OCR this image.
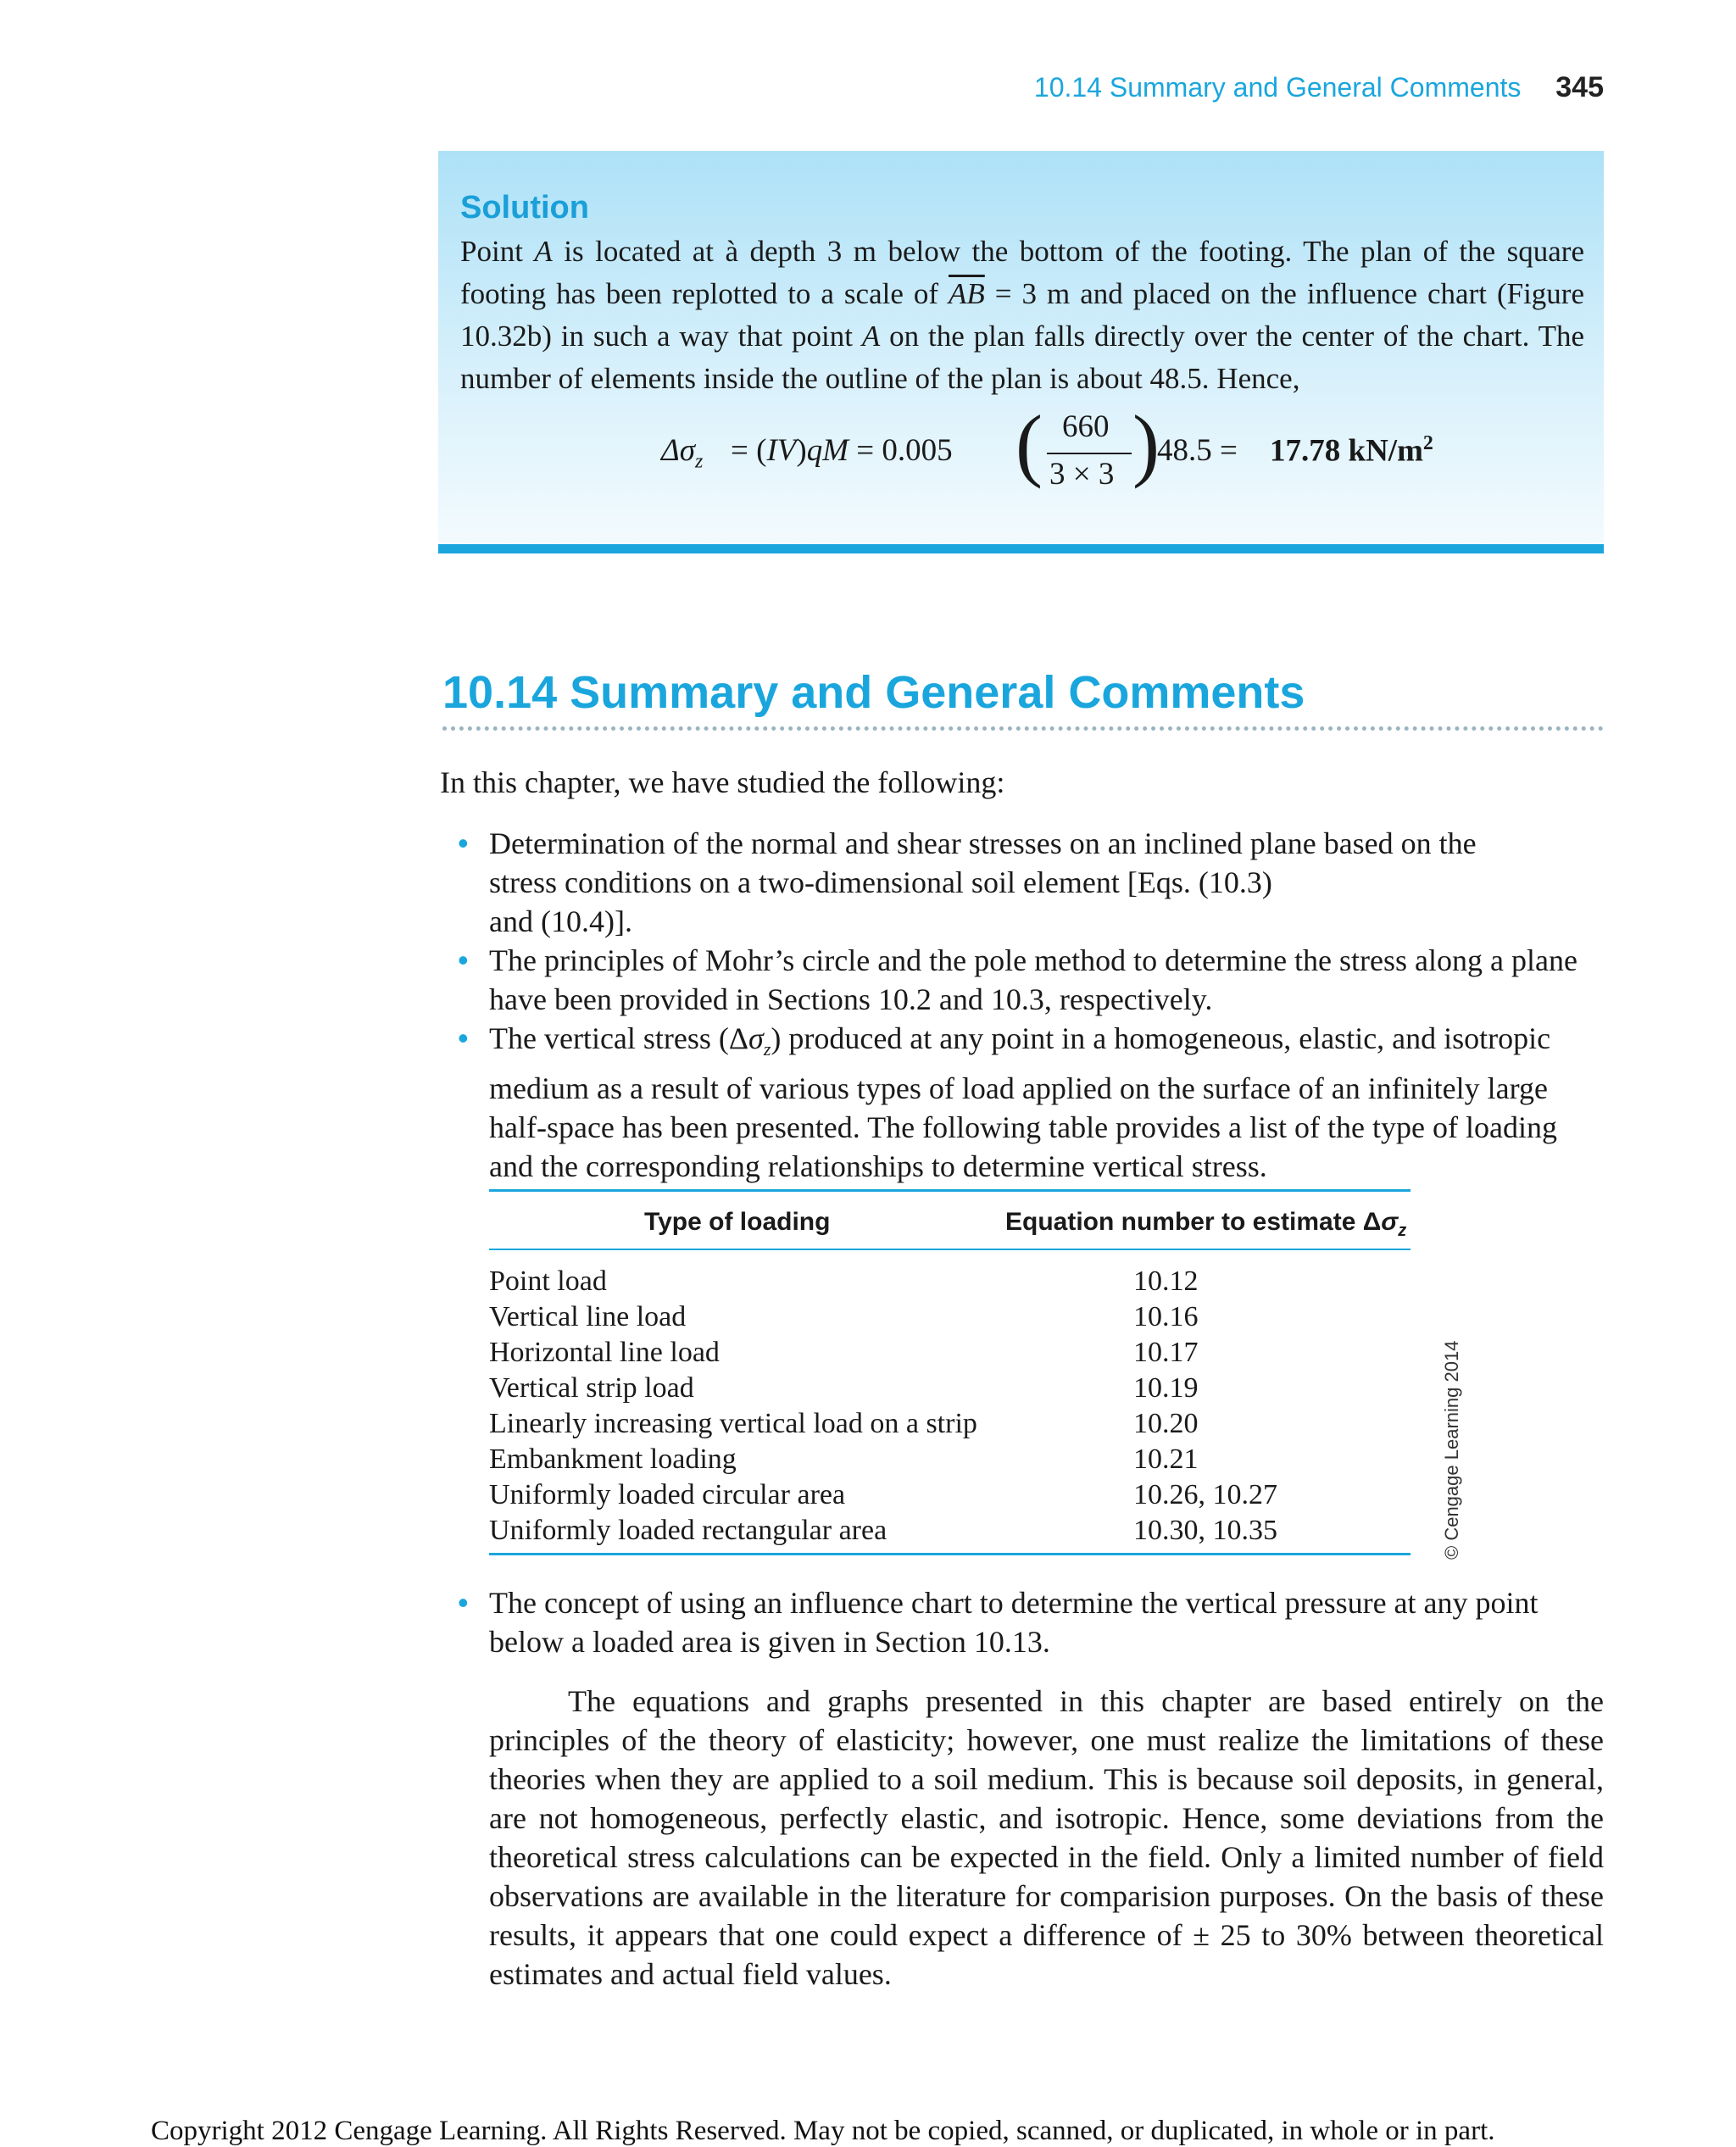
10.14 Summary and General Comments 345
Solution

Point A is located at à depth 3 m below the bottom of the footing. The plan of the square footing has been replotted to a scale of $\overline{AB} = 3$ m and placed on the influence chart (Figure 10.32b) in such a way that point A on the plan falls directly over the center of the chart. The number of elements inside the outline of the plan is about 48.5. Hence,

$\Delta\sigma_z = (IV)qM = 0.005$ ( 660
3 × 3 )
48.5 = 17.78 $kN/m^2$
10.14 Summary and General Comments
In this chapter, we have studied the following:
• Determination of the normal and shear stresses on an inclined plane based on the
stress conditions on a two-dimensional soil element [Eqs. (10.3)
and (10.4)].
• The principles of Mohr’s circle and the pole method to determine the stress along a plane have been provided in Sections 10.2 and 10.3, respectively.
• The vertical stress $(\Delta\sigma_z)$ produced at any point in a homogeneous, elastic, and isotropic medium as a result of various types of load applied on the surface of an infinitely large half-space has been presented. The following table provides a list of the type of loading and the corresponding relationships to determine vertical stress.
Type of loading	Equation number to estimate $\Delta\sigma_z$
Point load	10.12
Vertical line load	10.16
Horizontal line load	10.17
Vertical strip load	10.19
Linearly increasing vertical load on a strip	10.20
Embankment loading	10.21
Uniformly loaded circular area	10.26, 10.27
Uniformly loaded rectangular area	10.30, 10.35	© Cengage Learning 2014
• The concept of using an influence chart to determine the vertical pressure at any point below a loaded area is given in Section 10.13.

The equations and graphs presented in this chapter are based entirely on the principles of the theory of elasticity; however, one must realize the limitations of these theories when they are applied to a soil medium. This is because soil deposits, in general, are not homogeneous, perfectly elastic, and isotropic. Hence, some deviations from the theoretical stress calculations can be expected in the field. Only a limited number of field observations are available in the literature for comparision purposes. On the basis of these results, it appears that one could expect a difference of ± 25 to 30% between theoretical estimates and actual field values.

Copyright 2012 Cengage Learning. All Rights Reserved. May not be copied, scanned, or duplicated, in whole or in part.
